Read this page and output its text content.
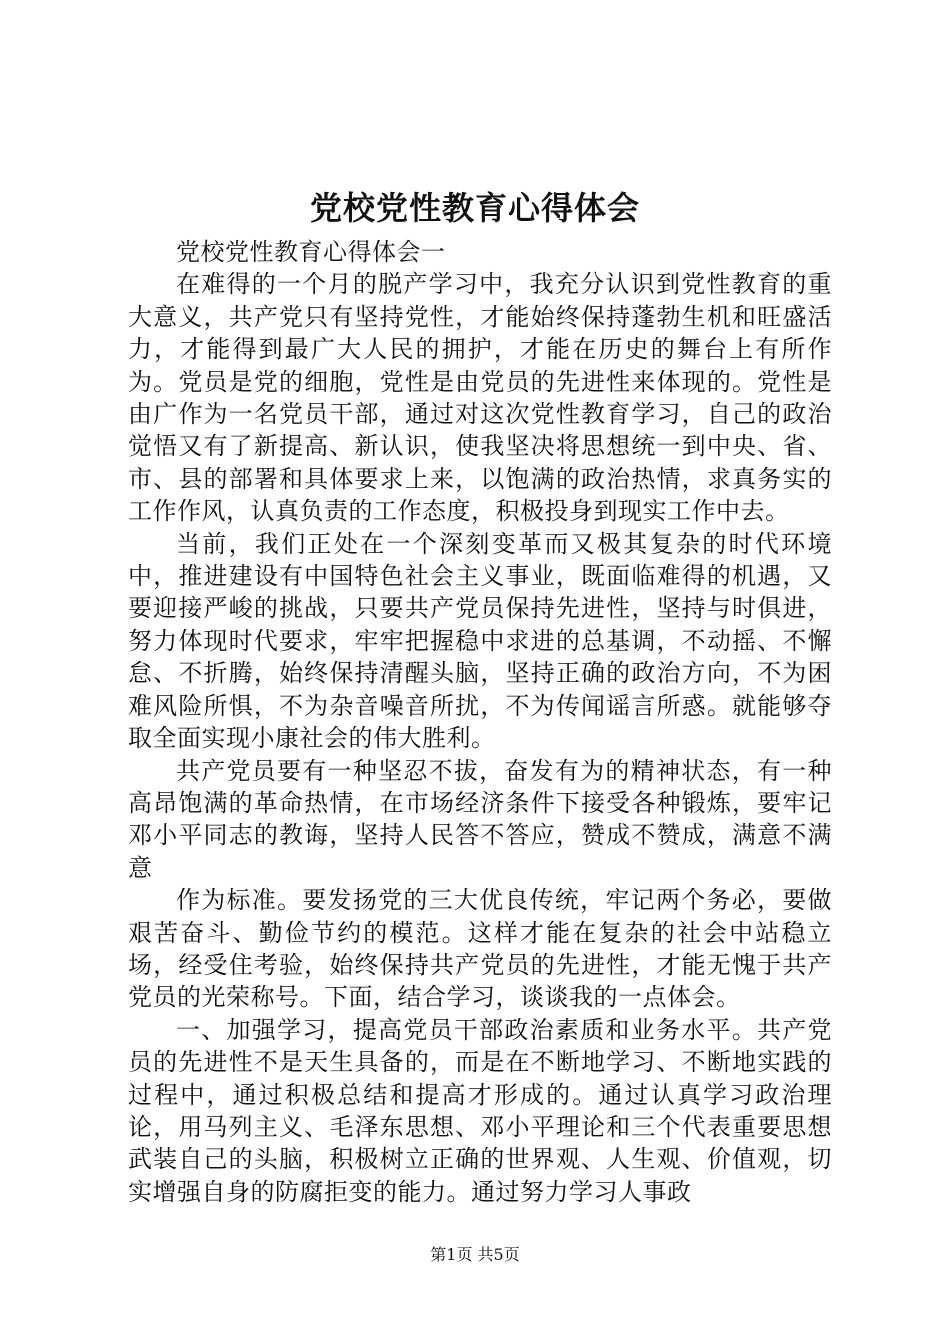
党校党性教育心得体会

党校党性教育心得体会一

在难得的一个月的脱产学习中，我充分认识到党性教育的重大意义，共产党只有坚持党性，才能始终保持蓬勃生机和旺盛活力，才能得到最广大人民的拥护，才能在历史的舞台上有所作为。党员是党的细胞，党性是由党员的先进性来体现的。党性是由广作为一名党员干部，通过对这次党性教育学习，自己的政治觉悟又有了新提高、新认识，使我坚决将思想统一到中央、省、市、县的部署和具体要求上来，以饱满的政治热情，求真务实的工作作风，认真负责的工作态度，积极投身到现实工作中去。

当前，我们正处在一个深刻变革而又极其复杂的时代环境中，推进建设有中国特色社会主义事业，既面临难得的机遇，又要迎接严峻的挑战，只要共产党员保持先进性，坚持与时俱进，努力体现时代要求，牢牢把握稳中求进的总基调，不动摇、不懈怠、不折腾，始终保持清醒头脑，坚持正确的政治方向，不为困难风险所惧，不为杂音噪音所扰，不为传闻谣言所惑。就能够夺取全面实现小康社会的伟大胜利。

共产党员要有一种坚忍不拔，奋发有为的精神状态，有一种高昂饱满的革命热情，在市场经济条件下接受各种锻炼，要牢记邓小平同志的教诲，坚持人民答不答应，赞成不赞成，满意不满意

作为标准。要发扬党的三大优良传统，牢记两个务必，要做艰苦奋斗、勤俭节约的模范。这样才能在复杂的社会中站稳立场，经受住考验，始终保持共产党员的先进性，才能无愧于共产党员的光荣称号。下面，结合学习，谈谈我的一点体会。

一、加强学习，提高党员干部政治素质和业务水平。共产党员的先进性不是天生具备的，而是在不断地学习、不断地实践的过程中，通过积极总结和提高才形成的。通过认真学习政治理论，用马列主义、毛泽东思想、邓小平理论和三个代表重要思想武装自己的头脑，积极树立正确的世界观、人生观、价值观，切实增强自身的防腐拒变的能力。通过努力学习人事政

第1页 共5页
